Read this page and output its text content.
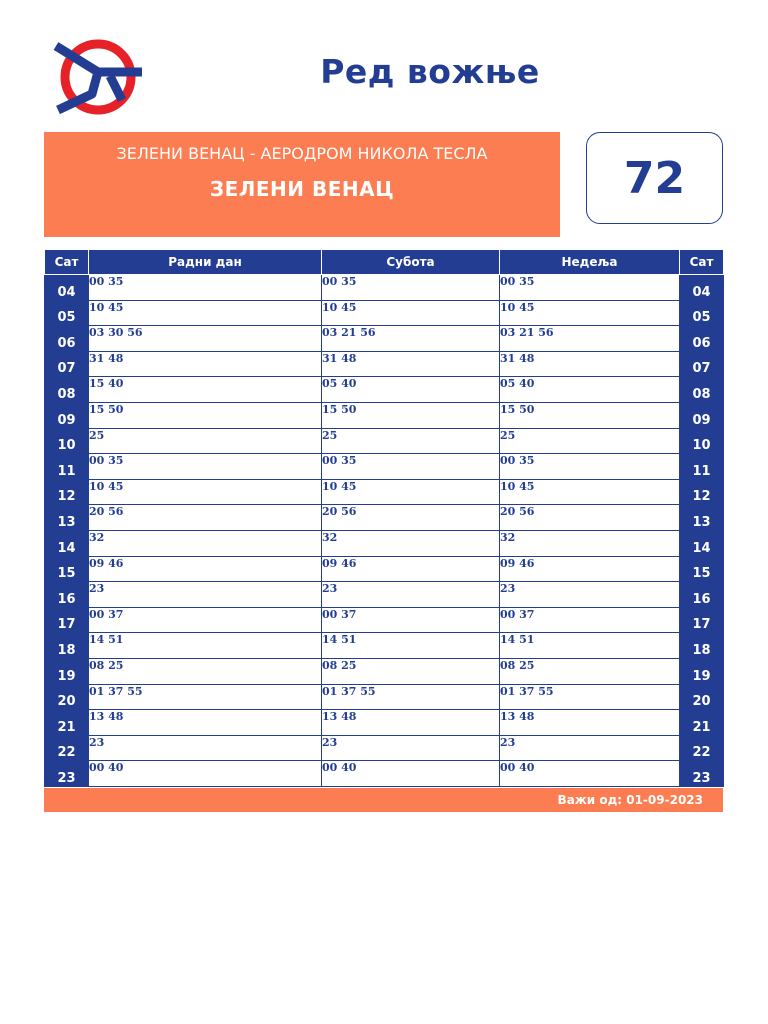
Ред вожње
ЗЕЛЕНИ ВЕНАЦ - АЕРОДРОМ НИКОЛА ТЕСЛА
ЗЕЛЕНИ ВЕНАЦ	72
Сат	Радни дан	Субота	Недеља	Сат
04	00 35	00 35	00 35	04
05	10 45	10 45	10 45	05
06	03 30 56	03 21 56	03 21 56	06
07	31 48	31 48	31 48	07
08	15 40	05 40	05 40	08
09	15 50	15 50	15 50	09
10	25	25	25	10
11	00 35	00 35	00 35	11
12	10 45	10 45	10 45	12
13	20 56	20 56	20 56	13
14	32	32	32	14
15	09 46	09 46	09 46	15
16	23	23	23	16
17	00 37	00 37	00 37	17
18	14 51	14 51	14 51	18
19	08 25	08 25	08 25	19
20	01 37 55	01 37 55	01 37 55	20
21	13 48	13 48	13 48	21
22	23	23	23	22
23	00 40	00 40	00 40	23
Важи од: 01-09-2023
